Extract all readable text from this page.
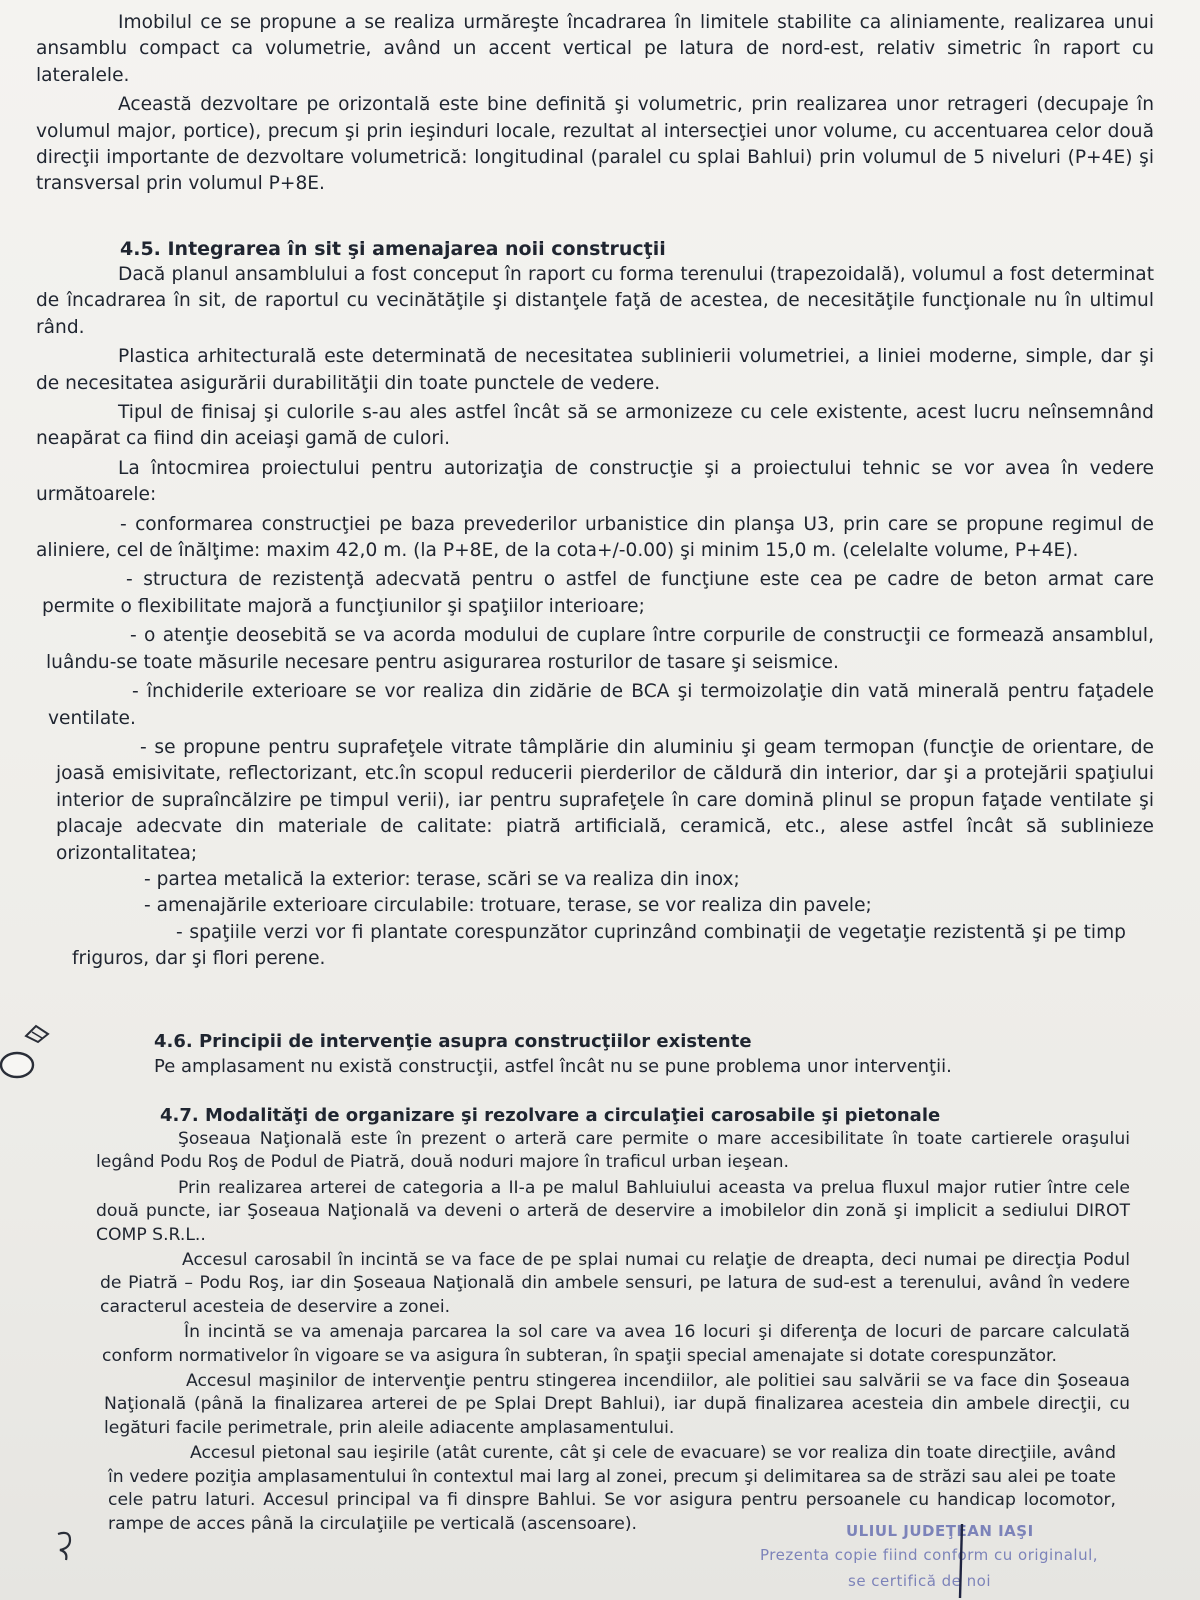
Imobilul ce se propune a se realiza urmăreşte încadrarea în limitele stabilite ca aliniamente, realizarea unui ansamblu compact ca volumetrie, având un accent vertical pe latura de nord-est, relativ simetric în raport cu lateralele.

Această dezvoltare pe orizontală este bine definită şi volumetric, prin realizarea unor retrageri (decupaje în volumul major, portice), precum şi prin ieşinduri locale, rezultat al intersecţiei unor volume, cu accentuarea celor două direcţii importante de dezvoltare volumetrică: longitudinal (paralel cu splai Bahlui) prin volumul de 5 niveluri (P+4E) şi transversal prin volumul P+8E.

4.5. Integrarea în sit şi amenajarea noii construcţii

Dacă planul ansamblului a fost conceput în raport cu forma terenului (trapezoidală), volumul a fost determinat de încadrarea în sit, de raportul cu vecinătăţile şi distanţele faţă de acestea, de necesităţile funcţionale nu în ultimul rând.

Plastica arhitecturală este determinată de necesitatea sublinierii volumetriei, a liniei moderne, simple, dar şi de necesitatea asigurării durabilităţii din toate punctele de vedere.

Tipul de finisaj şi culorile s-au ales astfel încât să se armonizeze cu cele existente, acest lucru neînsemnând neapărat ca fiind din aceiaşi gamă de culori.

La întocmirea proiectului pentru autorizaţia de construcţie şi a proiectului tehnic se vor avea în vedere următoarele:

- conformarea construcţiei pe baza prevederilor urbanistice din planşa U3, prin care se propune regimul de aliniere, cel de înălţime: maxim 42,0 m. (la P+8E, de la cota+/-0.00) şi minim 15,0 m. (celelalte volume, P+4E).

- structura de rezistenţă adecvată pentru o astfel de funcţiune este cea pe cadre de beton armat care permite o flexibilitate majoră a funcţiunilor şi spaţiilor interioare;

- o atenţie deosebită se va acorda modului de cuplare între corpurile de construcţii ce formează ansamblul, luându-se toate măsurile necesare pentru asigurarea rosturilor de tasare şi seismice.

- închiderile exterioare se vor realiza din zidărie de BCA şi termoizolaţie din vată minerală pentru faţadele ventilate.

- se propune pentru suprafeţele vitrate tâmplărie din aluminiu şi geam termopan (funcţie de orientare, de joasă emisivitate, reflectorizant, etc.în scopul reducerii pierderilor de căldură din interior, dar şi a protejării spaţiului interior de supraîncălzire pe timpul verii), iar pentru suprafeţele în care domină plinul se propun faţade ventilate şi placaje adecvate din materiale de calitate: piatră artificială, ceramică, etc., alese astfel încât să sublinieze orizontalitatea;

- partea metalică la exterior: terase, scări se va realiza din inox;

- amenajările exterioare circulabile: trotuare, terase, se vor realiza din pavele;

- spaţiile verzi vor fi plantate corespunzător cuprinzând combinaţii de vegetaţie rezistentă şi pe timp friguros, dar şi flori perene.

4.6. Principii de intervenţie asupra construcţiilor existente

Pe amplasament nu există construcţii, astfel încât nu se pune problema unor intervenţii.

4.7. Modalităţi de organizare şi rezolvare a circulaţiei carosabile şi pietonale

Şoseaua Naţională este în prezent o arteră care permite o mare accesibilitate în toate cartierele oraşului legând Podu Roş de Podul de Piatră, două noduri majore în traficul urban ieşean.

Prin realizarea arterei de categoria a II-a pe malul Bahluiului aceasta va prelua fluxul major rutier între cele două puncte, iar Şoseaua Naţională va deveni o arteră de deservire a imobilelor din zonă şi implicit a sediului DIROT COMP S.R.L..

Accesul carosabil în incintă se va face de pe splai numai cu relaţie de dreapta, deci numai pe direcţia Podul de Piatră – Podu Roş, iar din Şoseaua Naţională din ambele sensuri, pe latura de sud-est a terenului, având în vedere caracterul acesteia de deservire a zonei.

În incintă se va amenaja parcarea la sol care va avea 16 locuri şi diferenţa de locuri de parcare calculată conform normativelor în vigoare se va asigura în subteran, în spaţii special amenajate si dotate corespunzător.

Accesul maşinilor de intervenţie pentru stingerea incendiilor, ale politiei sau salvării se va face din Şoseaua Naţională (până la finalizarea arterei de pe Splai Drept Bahlui), iar după finalizarea acesteia din ambele direcţii, cu legături facile perimetrale, prin aleile adiacente amplasamentului.

Accesul pietonal sau ieşirile (atât curente, cât şi cele de evacuare) se vor realiza din toate direcţiile, având în vedere poziţia amplasamentului în contextul mai larg al zonei, precum şi delimitarea sa de străzi sau alei pe toate cele patru laturi. Accesul principal va fi dinspre Bahlui. Se vor asigura pentru persoanele cu handicap locomotor, rampe de acces până la circulaţiile pe verticală (ascensoare).	ULIUL JUDEŢEAN IAŞI
Prezenta copie fiind conform cu originalul,
se certifică de noi
